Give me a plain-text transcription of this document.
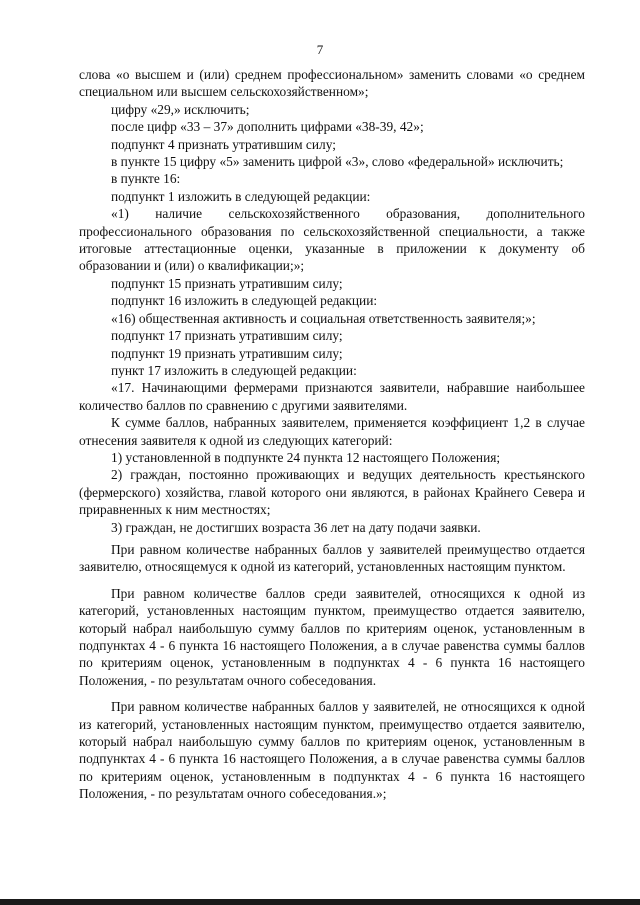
7

слова «о высшем и (или) среднем профессиональном» заменить словами «о среднем специальном или высшем сельскохозяйственном»;

цифру «29,» исключить;

после цифр «33 – 37» дополнить цифрами «38-39, 42»;

подпункт 4 признать утратившим силу;

в пункте 15 цифру «5» заменить цифрой «3», слово «федеральной» исключить;

в пункте 16:

подпункт 1 изложить в следующей редакции:

«1) наличие сельскохозяйственного образования, дополнительного профессионального образования по сельскохозяйственной специальности, а также итоговые аттестационные оценки, указанные в приложении к документу об образовании и (или) о квалификации;»;

подпункт 15 признать утратившим силу;

подпункт 16 изложить в следующей редакции:

«16) общественная активность и социальная ответственность заявителя;»;

подпункт 17 признать утратившим силу;

подпункт 19 признать утратившим силу;

пункт 17 изложить в следующей редакции:

«17. Начинающими фермерами признаются заявители, набравшие наибольшее количество баллов по сравнению с другими заявителями.

К сумме баллов, набранных заявителем, применяется коэффициент 1,2 в случае отнесения заявителя к одной из следующих категорий:

1) установленной в подпункте 24 пункта 12 настоящего Положения;

2) граждан, постоянно проживающих и ведущих деятельность крестьянского (фермерского) хозяйства, главой которого они являются, в районах Крайнего Севера и приравненных к ним местностях;

3) граждан, не достигших возраста 36 лет на дату подачи заявки.

При равном количестве набранных баллов у заявителей преимущество отдается заявителю, относящемуся к одной из категорий, установленных настоящим пунктом.

При равном количестве баллов среди заявителей, относящихся к одной из категорий, установленных настоящим пунктом, преимущество отдается заявителю, который набрал наибольшую сумму баллов по критериям оценок, установленным в подпунктах 4 - 6 пункта 16 настоящего Положения, а в случае равенства суммы баллов по критериям оценок, установленным в подпунктах 4 - 6 пункта 16 настоящего Положения, - по результатам очного собеседования.

При равном количестве набранных баллов у заявителей, не относящихся к одной из категорий, установленных настоящим пунктом, преимущество отдается заявителю, который набрал наибольшую сумму баллов по критериям оценок, установленным в подпунктах 4 - 6 пункта 16 настоящего Положения, а в случае равенства суммы баллов по критериям оценок, установленным в подпунктах 4 - 6 пункта 16 настоящего Положения, - по результатам очного собеседования.»;
